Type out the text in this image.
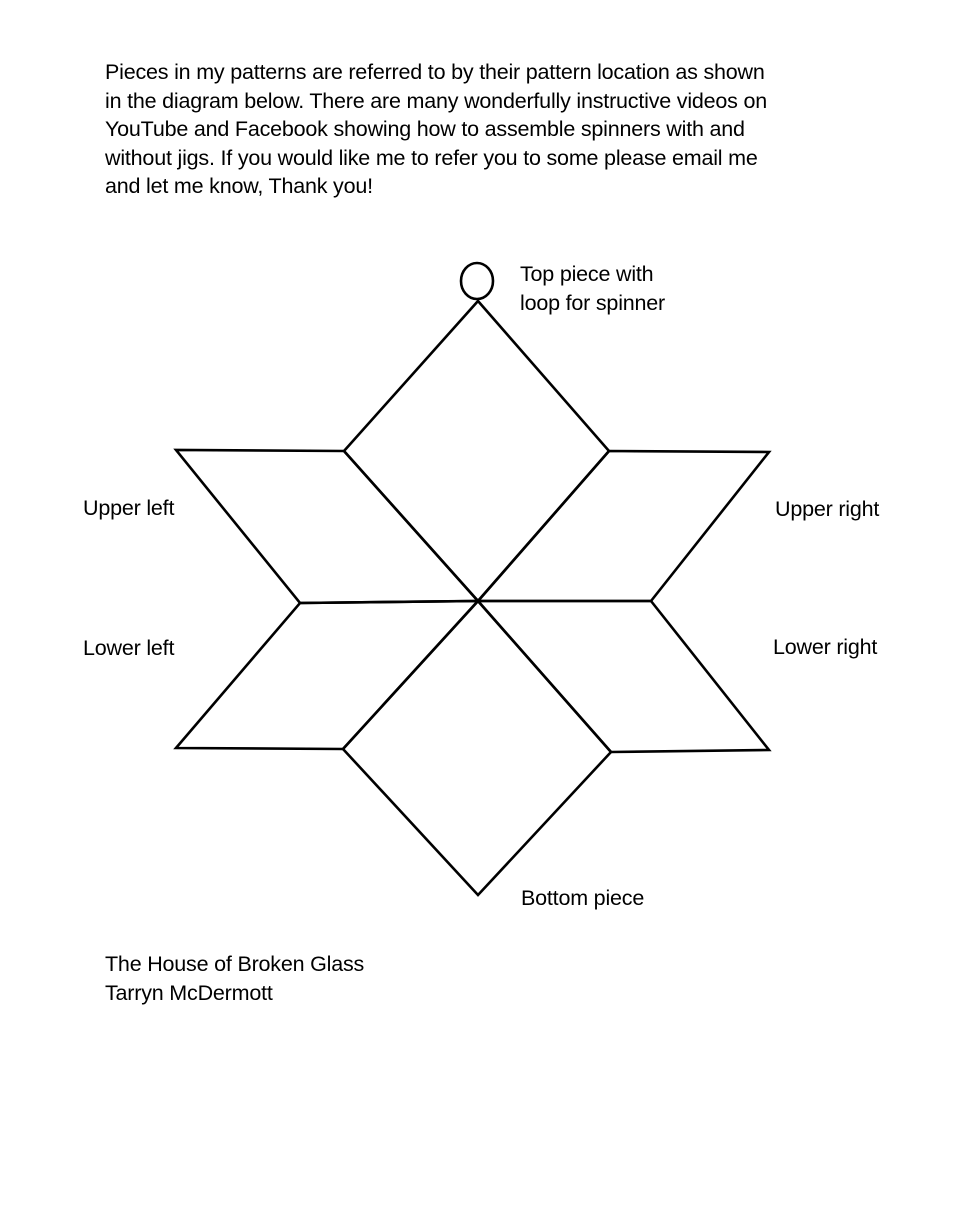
Pieces in my patterns are referred to by their pattern location as shown
in the diagram below. There are many wonderfully instructive videos on
YouTube and Facebook showing how to assemble spinners with and
without jigs. If you would like me to refer you to some please email me
and let me know, Thank you!
Top piece with
loop for spinner
Upper left	Upper right
Lower left	Lower right
Bottom piece
The House of Broken Glass
Tarryn McDermott
